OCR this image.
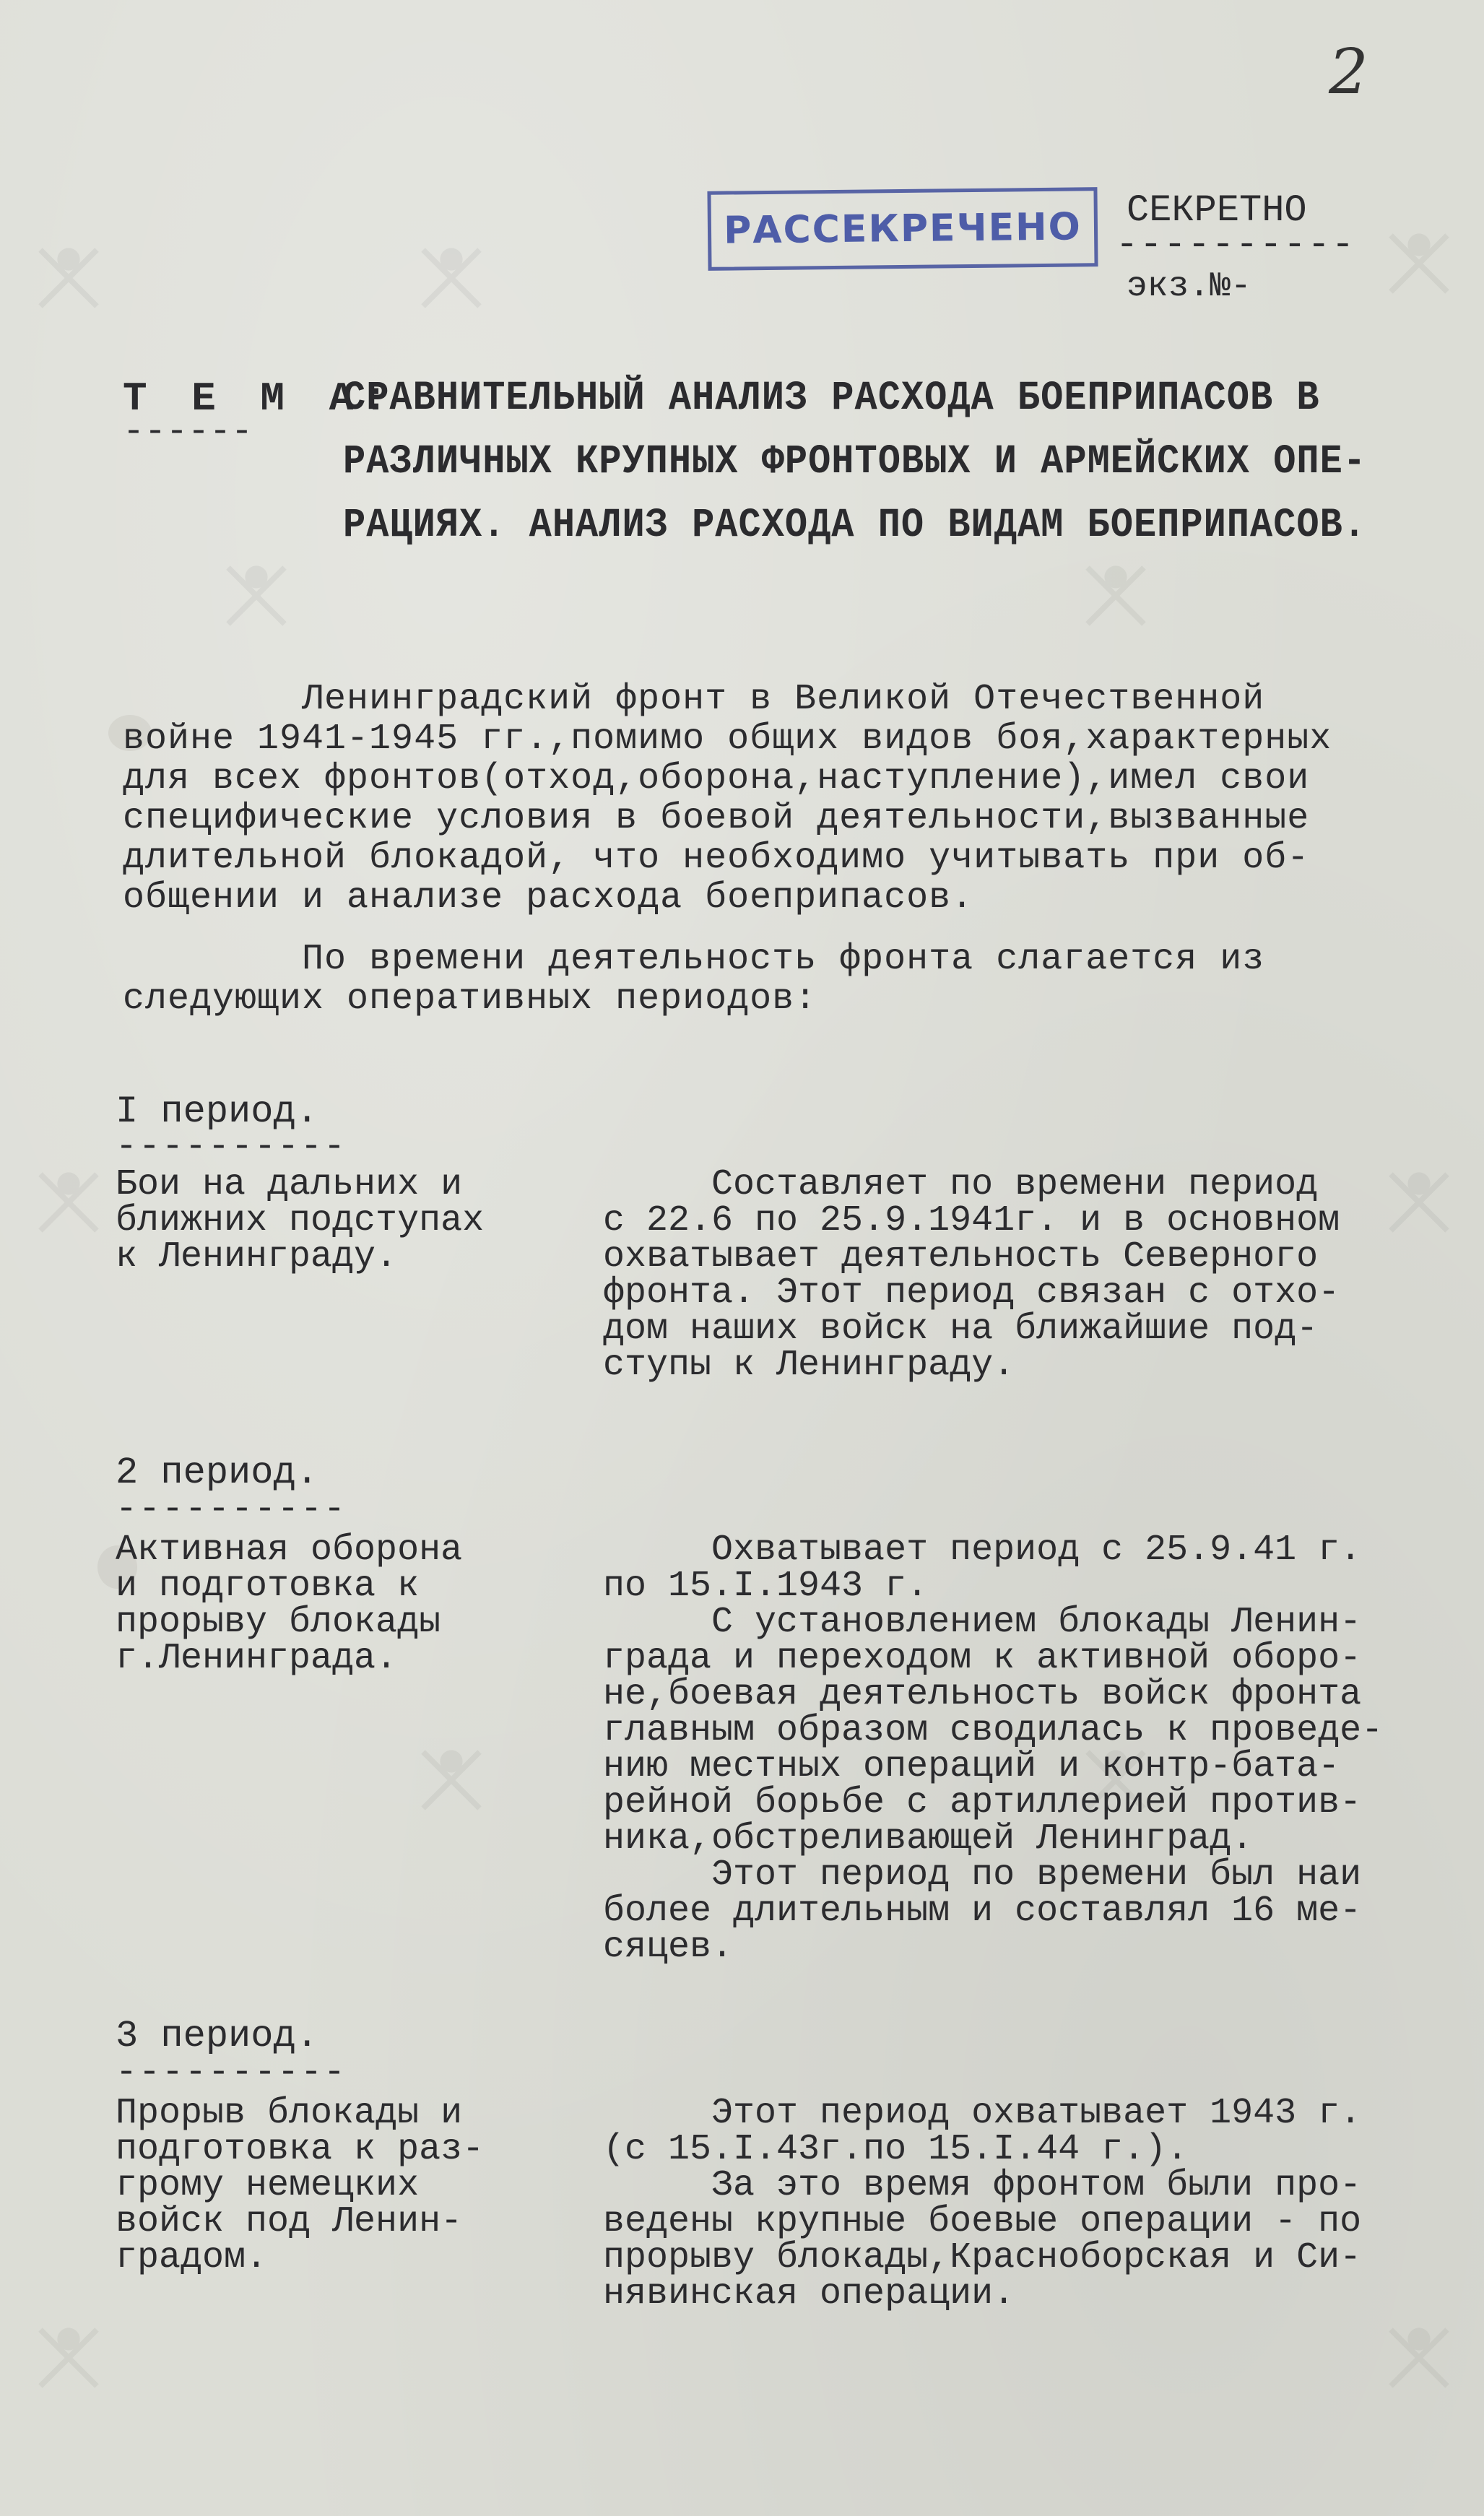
2
РАССЕКРЕЧЕНО	СЕКРЕТНО
----------
экз.№-
Т Е М А:
------
СРАВНИТЕЛЬНЫЙ АНАЛИЗ РАСХОДА БОЕПРИПАСОВ В
РАЗЛИЧНЫХ КРУПНЫХ ФРОНТОВЫХ И АРМЕЙСКИХ ОПЕ-
РАЦИЯХ. АНАЛИЗ РАСХОДА ПО ВИДАМ БОЕПРИПАСОВ.
Ленинградский фронт в Великой Отечественной
войне 1941-1945 гг.,помимо общих видов боя,характерных
для всех фронтов(отход,оборона,наступление),имел свои
специфические условия в боевой деятельности,вызванные
длительной блокадой, что необходимо учитывать при об-
общении и анализе расхода боеприпасов.
По времени деятельность фронта слагается из
следующих оперативных периодов:
I период.
----------
Бои на дальних и
ближних подступах
к Ленинграду.
Составляет по времени период
с 22.6 по 25.9.1941г. и в основном
охватывает деятельность Северного
фронта. Этот период связан с отхо-
дом наших войск на ближайшие под-
ступы к Ленинграду.
2 период.
----------
Активная оборона
и подготовка к
прорыву блокады
г.Ленинграда.
Охватывает период с 25.9.41 г.
по 15.I.1943 г.
С установлением блокады Ленин-
града и переходом к активной оборо-
не,боевая деятельность войск фронта
главным образом сводилась к проведе-
нию местных операций и контр-бата-
рейной борьбе с артиллерией против-
ника,обстреливающей Ленинград.
Этот период по времени был наи
более длительным и составлял 16 ме-
сяцев.
3 период.
----------
Прорыв блокады и
подготовка к раз-
грому немецких
войск под Ленин-
градом.
Этот период охватывает 1943 г.
(с 15.I.43г.по 15.I.44 г.).
За это время фронтом были про-
ведены крупные боевые операции - по
прорыву блокады,Красноборская и Си-
нявинская операции.
